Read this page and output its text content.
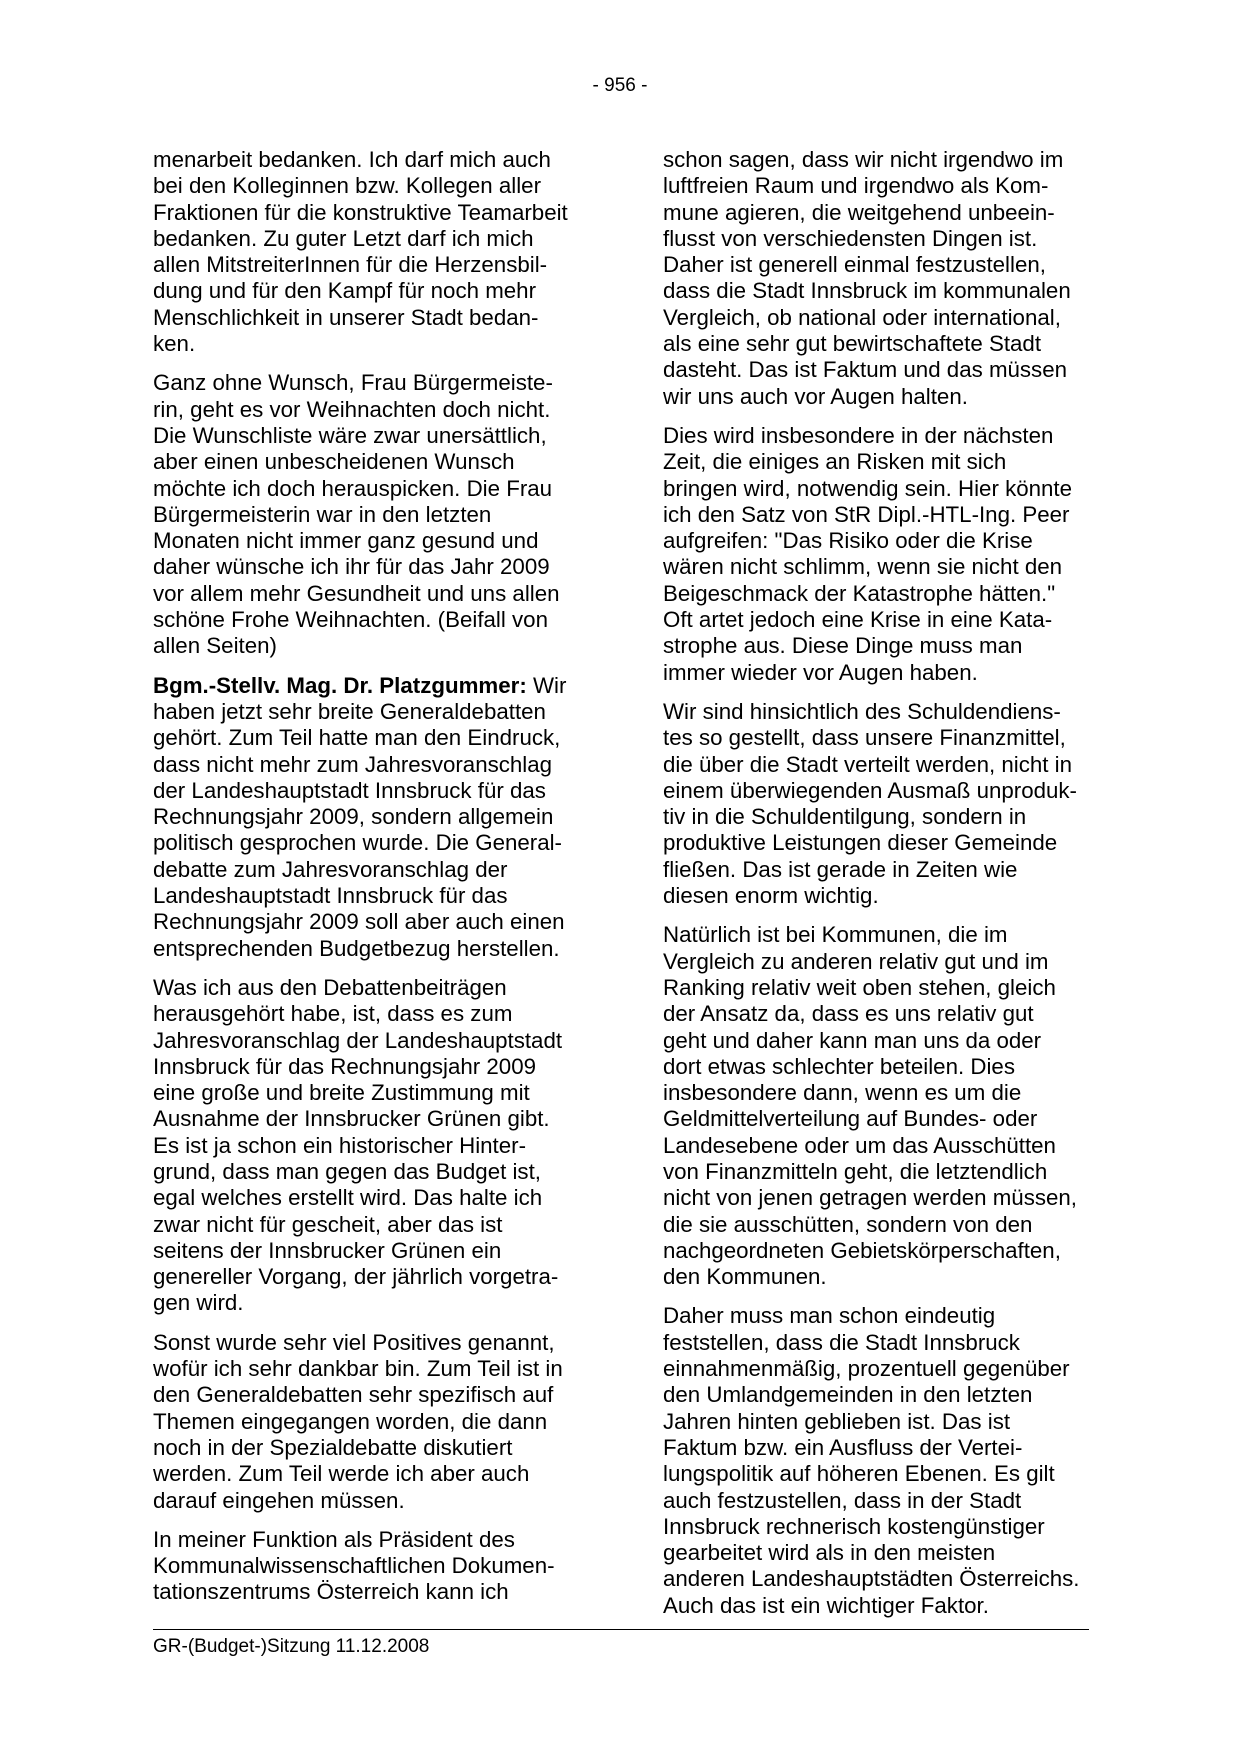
- 956 -

menarbeit bedanken. Ich darf mich auch
bei den Kolleginnen bzw. Kollegen aller
Fraktionen für die konstruktive Teamarbeit
bedanken. Zu guter Letzt darf ich mich
allen MitstreiterInnen für die Herzensbil-
dung und für den Kampf für noch mehr
Menschlichkeit in unserer Stadt bedan-
ken.

Ganz ohne Wunsch, Frau Bürgermeiste-
rin, geht es vor Weihnachten doch nicht.
Die Wunschliste wäre zwar unersättlich,
aber einen unbescheidenen Wunsch
möchte ich doch herauspicken. Die Frau
Bürgermeisterin war in den letzten
Monaten nicht immer ganz gesund und
daher wünsche ich ihr für das Jahr 2009
vor allem mehr Gesundheit und uns allen
schöne Frohe Weihnachten. (Beifall von
allen Seiten)

Bgm.-Stellv. Mag. Dr. Platzgummer: Wir
haben jetzt sehr breite Generaldebatten
gehört. Zum Teil hatte man den Eindruck,
dass nicht mehr zum Jahresvoranschlag
der Landeshauptstadt Innsbruck für das
Rechnungsjahr 2009, sondern allgemein
politisch gesprochen wurde. Die General-
debatte zum Jahresvoranschlag der
Landeshauptstadt Innsbruck für das
Rechnungsjahr 2009 soll aber auch einen
entsprechenden Budgetbezug herstellen.

Was ich aus den Debattenbeiträgen
herausgehört habe, ist, dass es zum
Jahresvoranschlag der Landeshauptstadt
Innsbruck für das Rechnungsjahr 2009
eine große und breite Zustimmung mit
Ausnahme der Innsbrucker Grünen gibt.
Es ist ja schon ein historischer Hinter-
grund, dass man gegen das Budget ist,
egal welches erstellt wird. Das halte ich
zwar nicht für gescheit, aber das ist
seitens der Innsbrucker Grünen ein
genereller Vorgang, der jährlich vorgetra-
gen wird.

Sonst wurde sehr viel Positives genannt,
wofür ich sehr dankbar bin. Zum Teil ist in
den Generaldebatten sehr spezifisch auf
Themen eingegangen worden, die dann
noch in der Spezialdebatte diskutiert
werden. Zum Teil werde ich aber auch
darauf eingehen müssen.

In meiner Funktion als Präsident des
Kommunalwissenschaftlichen Dokumen-
tationszentrums Österreich kann ich

schon sagen, dass wir nicht irgendwo im
luftfreien Raum und irgendwo als Kom-
mune agieren, die weitgehend unbeein-
flusst von verschiedensten Dingen ist.
Daher ist generell einmal festzustellen,
dass die Stadt Innsbruck im kommunalen
Vergleich, ob national oder international,
als eine sehr gut bewirtschaftete Stadt
dasteht. Das ist Faktum und das müssen
wir uns auch vor Augen halten.

Dies wird insbesondere in der nächsten
Zeit, die einiges an Risken mit sich
bringen wird, notwendig sein. Hier könnte
ich den Satz von StR Dipl.-HTL-Ing. Peer
aufgreifen: "Das Risiko oder die Krise
wären nicht schlimm, wenn sie nicht den
Beigeschmack der Katastrophe hätten."
Oft artet jedoch eine Krise in eine Kata-
strophe aus. Diese Dinge muss man
immer wieder vor Augen haben.

Wir sind hinsichtlich des Schuldendiens-
tes so gestellt, dass unsere Finanzmittel,
die über die Stadt verteilt werden, nicht in
einem überwiegenden Ausmaß unproduk-
tiv in die Schuldentilgung, sondern in
produktive Leistungen dieser Gemeinde
fließen. Das ist gerade in Zeiten wie
diesen enorm wichtig.

Natürlich ist bei Kommunen, die im
Vergleich zu anderen relativ gut und im
Ranking relativ weit oben stehen, gleich
der Ansatz da, dass es uns relativ gut
geht und daher kann man uns da oder
dort etwas schlechter beteilen. Dies
insbesondere dann, wenn es um die
Geldmittelverteilung auf Bundes- oder
Landesebene oder um das Ausschütten
von Finanzmitteln geht, die letztendlich
nicht von jenen getragen werden müssen,
die sie ausschütten, sondern von den
nachgeordneten Gebietskörperschaften,
den Kommunen.

Daher muss man schon eindeutig
feststellen, dass die Stadt Innsbruck
einnahmenmäßig, prozentuell gegenüber
den Umlandgemeinden in den letzten
Jahren hinten geblieben ist. Das ist
Faktum bzw. ein Ausfluss der Vertei-
lungspolitik auf höheren Ebenen. Es gilt
auch festzustellen, dass in der Stadt
Innsbruck rechnerisch kostengünstiger
gearbeitet wird als in den meisten
anderen Landeshauptstädten Österreichs.
Auch das ist ein wichtiger Faktor.

GR-(Budget-)Sitzung 11.12.2008
